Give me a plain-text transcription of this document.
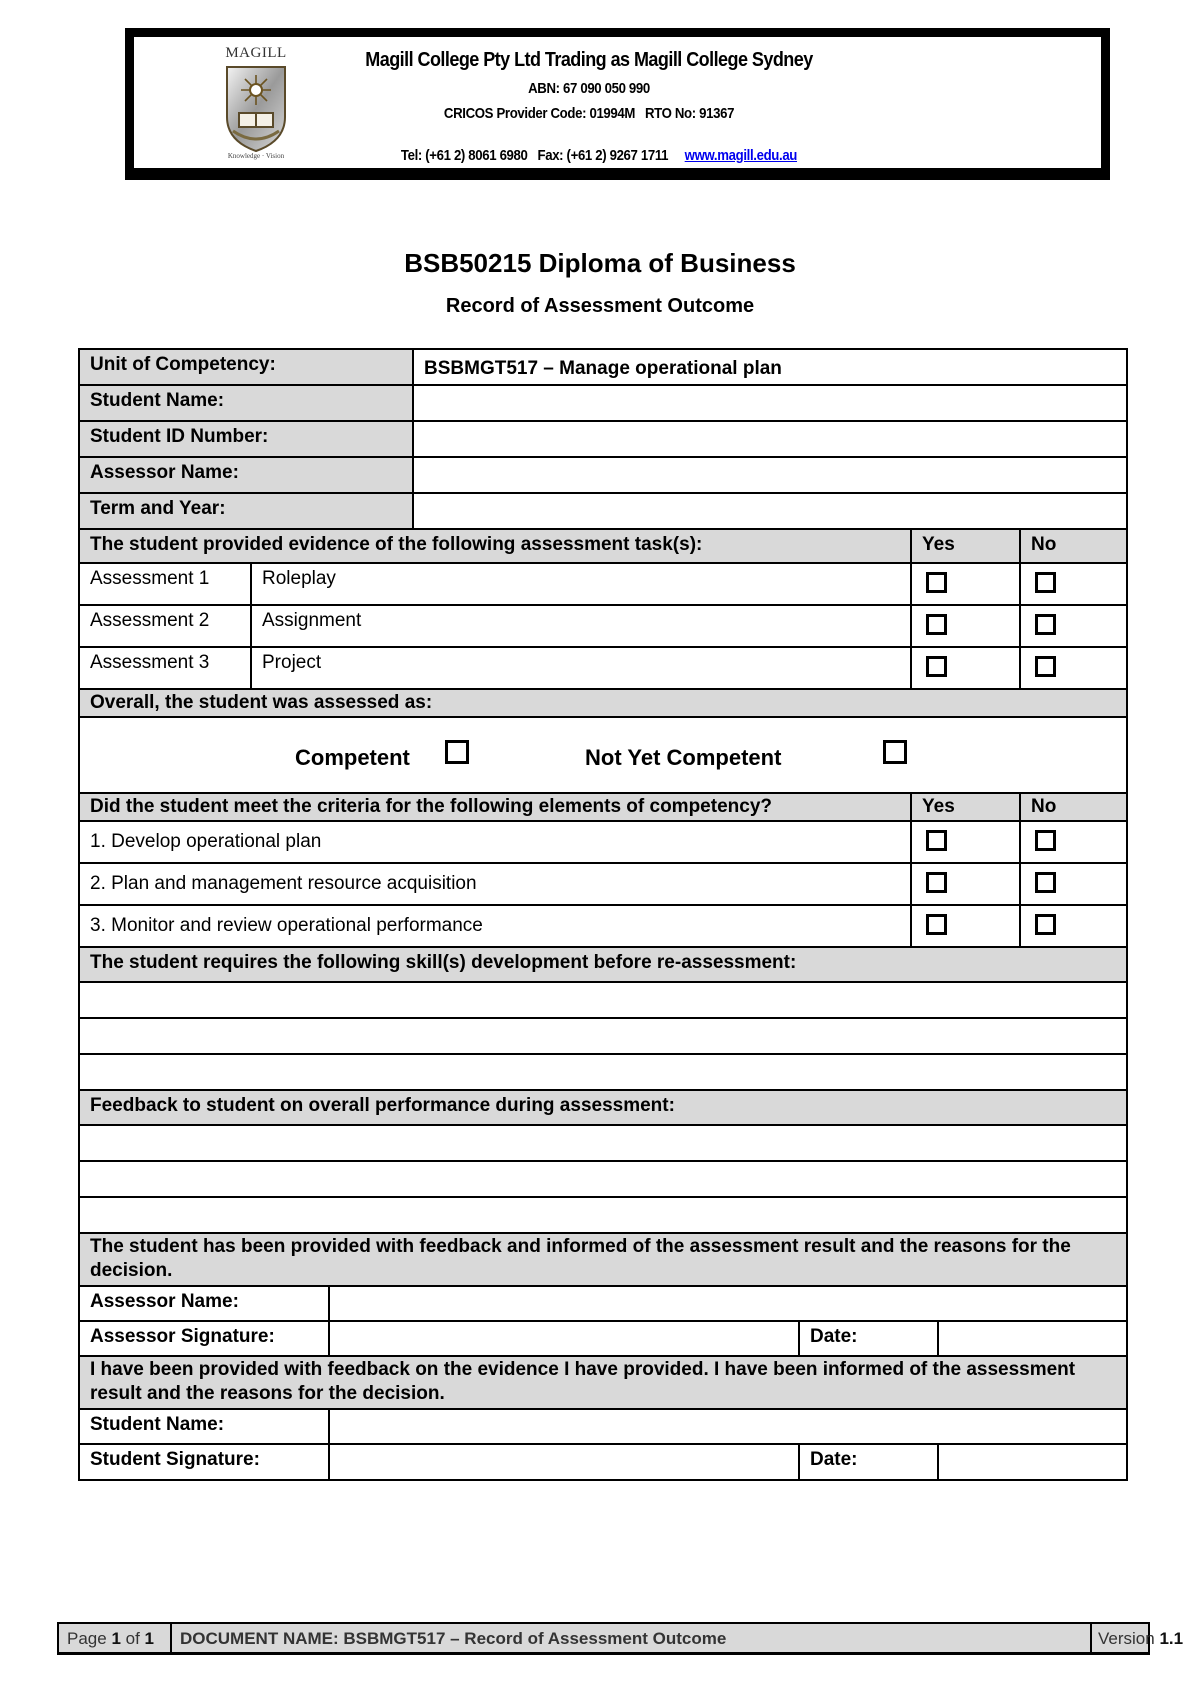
MAGILL
Knowledge · Vision
Magill College Pty Ltd Trading as Magill College Sydney
ABN: 67 090 050 990
CRICOS Provider Code: 01994M   RTO No: 91367

Tel: (+61 2) 8061 6980 Fax: (+61 2) 9267 1711 www.magill.edu.au

BSB50215 Diploma of Business
Record of Assessment Outcome
Unit of Competency:	BSBMGT517 – Manage operational plan
Student Name:
Student ID Number:
Assessor Name:
Term and Year:
The student provided evidence of the following assessment task(s):	Yes	No
Assessment 1	Roleplay
Assessment 2	Assignment
Assessment 3	Project
Overall, the student was assessed as:
Competent	Not Yet Competent
Did the student meet the criteria for the following elements of competency?	Yes	No
1. Develop operational plan
2. Plan and management resource acquisition
3. Monitor and review operational performance
The student requires the following skill(s) development before re-assessment:
Feedback to student on overall performance during assessment:
The student has been provided with feedback and informed of the assessment result and the reasons for the decision.
Assessor Name:
Assessor Signature:	Date:
I have been provided with feedback on the evidence I have provided. I have been informed of the assessment result and the reasons for the decision.
Student Name:
Student Signature:	Date:
Page 1 of 1	DOCUMENT NAME: BSBMGT517 – Record of Assessment Outcome	Version 1.1
